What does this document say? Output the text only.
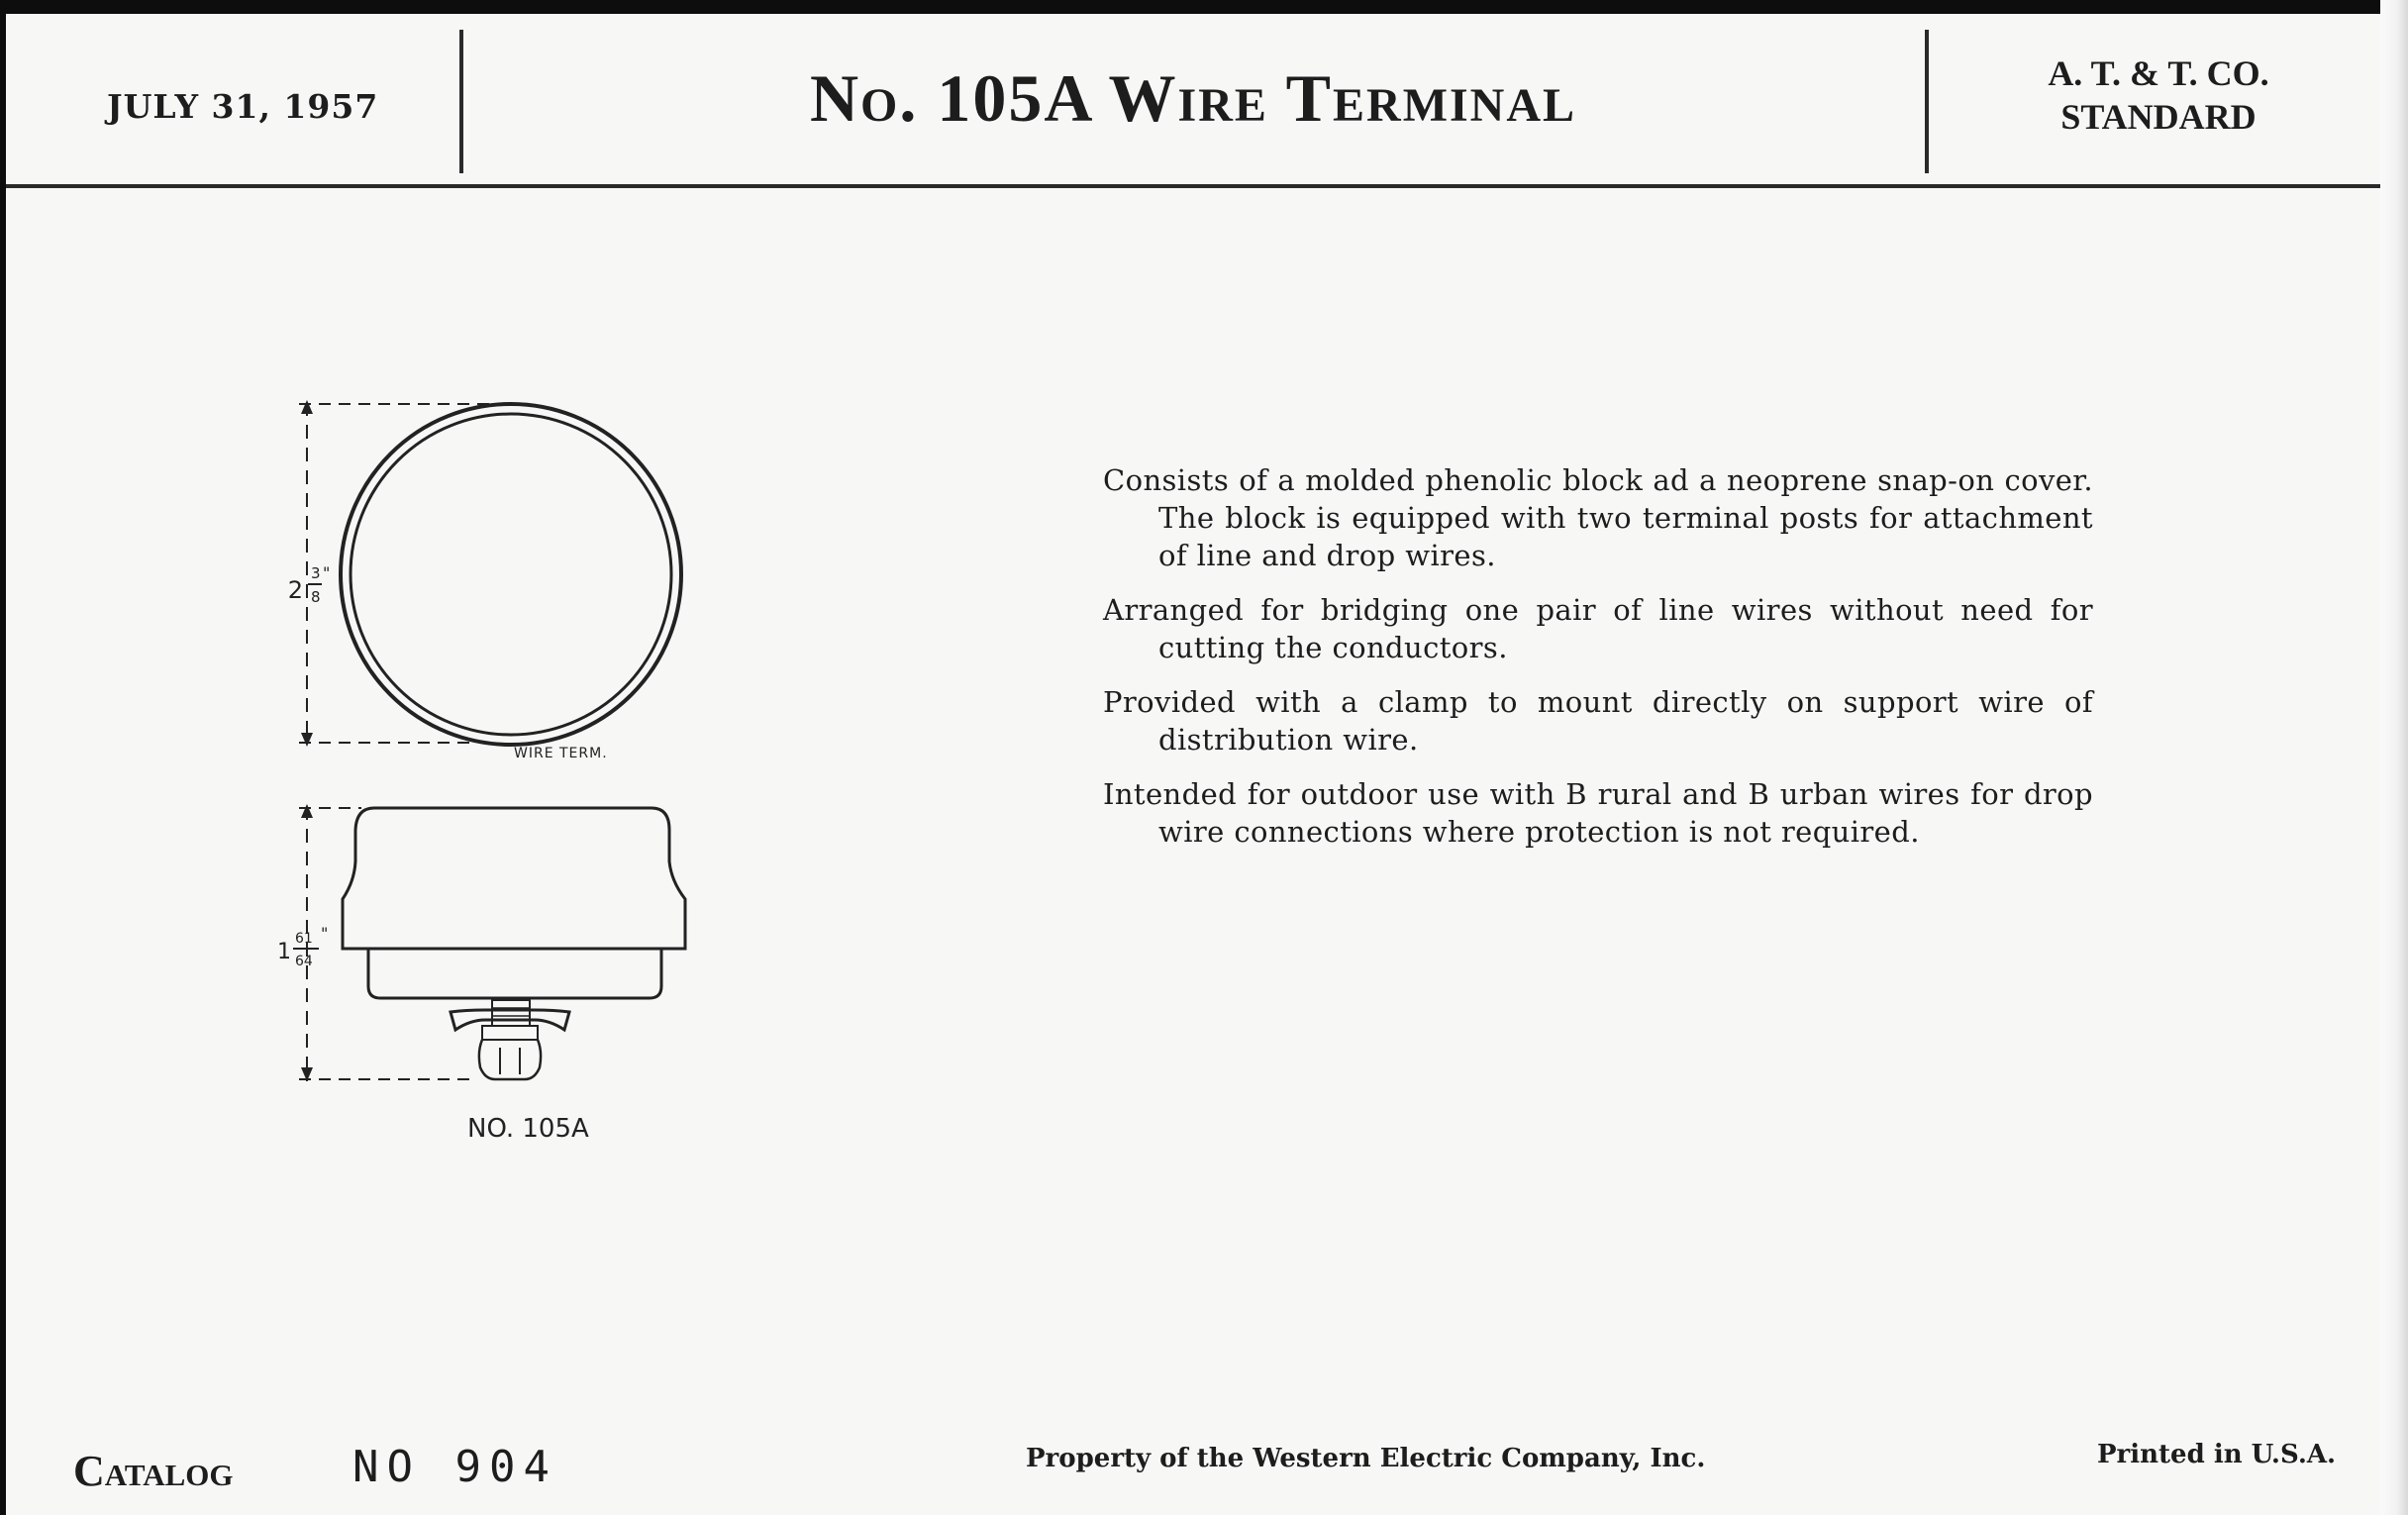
JULY 31, 1957	No. 105A Wire Terminal	A. T. & T. CO.
STANDARD
2
3
8
"
WIRE TERM.
1
61
64
"
NO. 105A

Consists of a molded phenolic block ad a neoprene snap-on cover. The block is equipped with two terminal posts for attachment of line and drop wires.

Arranged for bridging one pair of line wires without need for cutting the conductors.

Provided with a clamp to mount directly on support wire of distribution wire.

Intended for outdoor use with B rural and B urban wires for drop wire connections where protection is not required.

Catalog	NO 904	Property of the Western Electric Company, Inc.	Printed in U.S.A.
